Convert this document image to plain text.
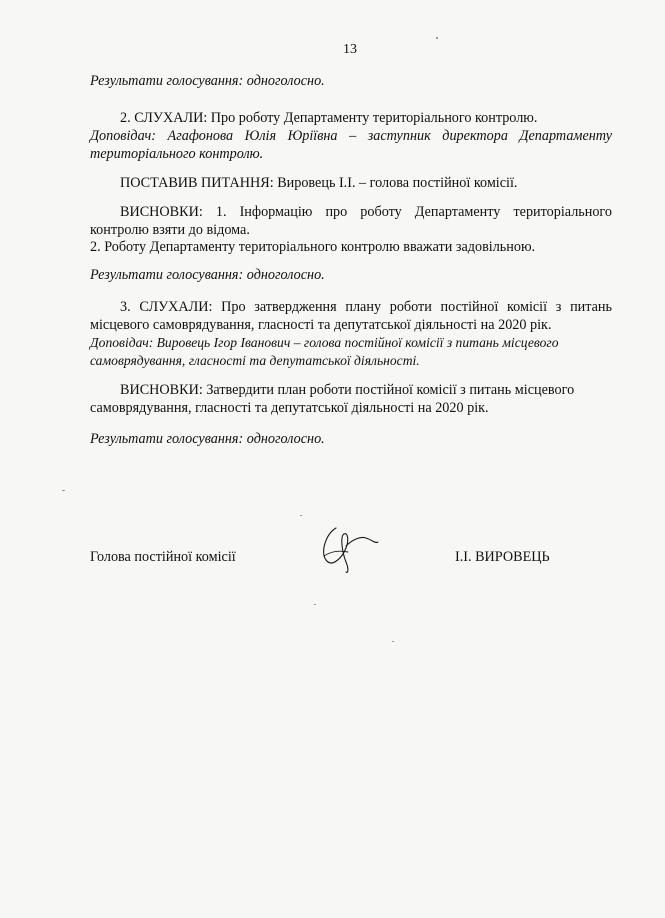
13
Результати голосування: одноголосно.
2. СЛУХАЛИ: Про роботу Департаменту територіального контролю.
Доповідач: Агафонова Юлія Юріївна – заступник директора Департаменту
територіального контролю.
ПОСТАВИВ ПИТАННЯ: Вировець І.І. – голова постійної комісії.
ВИСНОВКИ: 1. Інформацію про роботу Департаменту територіального
контролю взяти до відома.
2. Роботу Департаменту територіального контролю вважати задовільною.
Результати голосування: одноголосно.
3. СЛУХАЛИ: Про затвердження плану роботи постійної комісії з питань
місцевого самоврядування, гласності та депутатської діяльності на 2020 рік.
Доповідач: Вировець Ігор Іванович – голова постійної комісії з питань місцевого
самоврядування, гласності та депутатської діяльності.
ВИСНОВКИ: Затвердити план роботи постійної комісії з питань місцевого
самоврядування, гласності та депутатської діяльності на 2020 рік.
Результати голосування: одноголосно.
Голова постійної комісії	І.І. ВИРОВЕЦЬ
